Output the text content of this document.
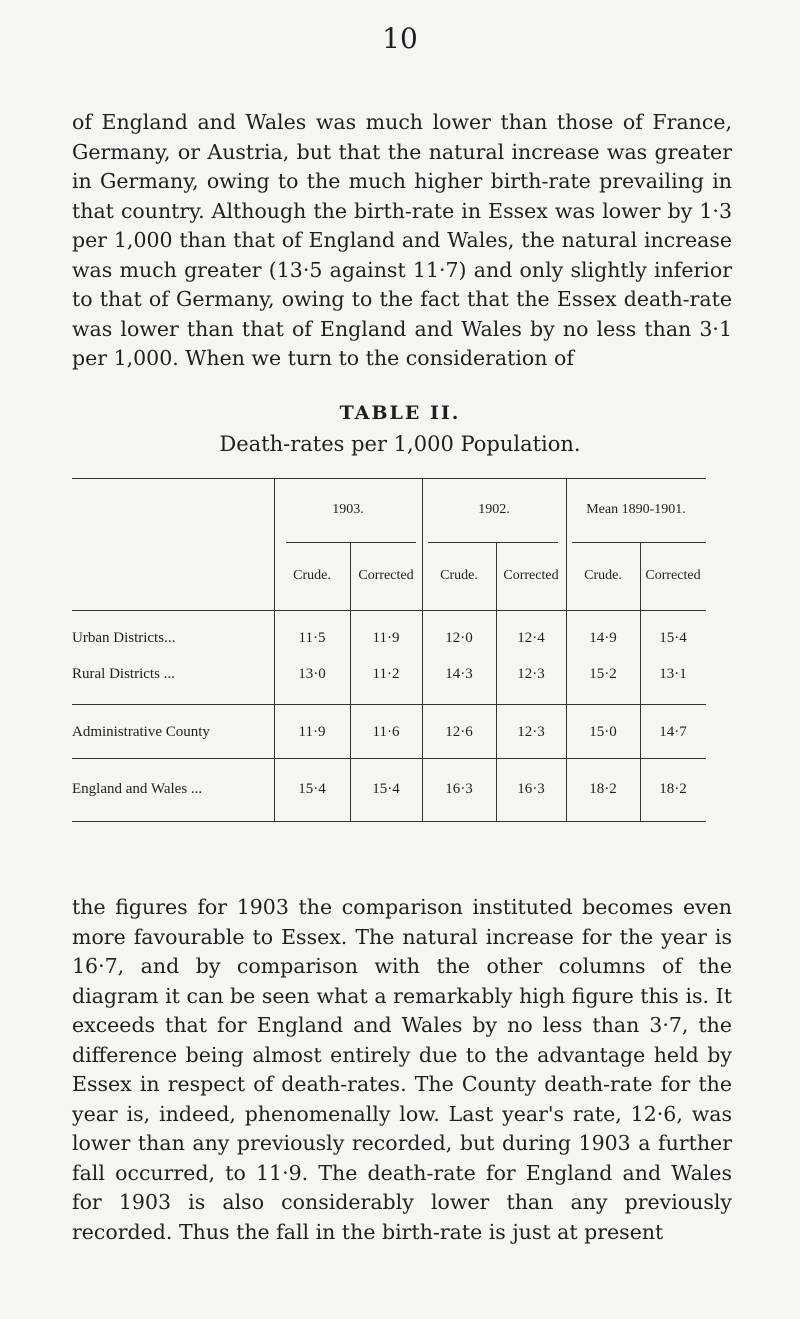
10

of England and Wales was much lower than those of France, Germany, or Austria, but that the natural increase was greater in Germany, owing to the much higher birth-rate prevailing in that country. Although the birth-rate in Essex was lower by 1·3 per 1,000 than that of England and Wales, the natural increase was much greater (13·5 against 11·7) and only slightly inferior to that of Germany, owing to the fact that the Essex death-rate was lower than that of England and Wales by no less than 3·1 per 1,000. When we turn to the consideration of

TABLE II.
Death-rates per 1,000 Population.
1903.	1902.	Mean 1890-1901.
Crude.	Corrected	Crude.	Corrected	Crude.	Corrected
Urban Districts...	11·5	11·9	12·0	12·4	14·9	15·4
Rural Districts ...	13·0	11·2	14·3	12·3	15·2	13·1
Administrative County	11·9	11·6	12·6	12·3	15·0	14·7
England and Wales ...	15·4	15·4	16·3	16·3	18·2	18·2

the figures for 1903 the comparison instituted becomes even more favourable to Essex. The natural increase for the year is 16·7, and by comparison with the other columns of the diagram it can be seen what a remarkably high figure this is. It exceeds that for England and Wales by no less than 3·7, the difference being almost entirely due to the advantage held by Essex in respect of death-rates. The County death-rate for the year is, indeed, phenomenally low. Last year's rate, 12·6, was lower than any previously recorded, but during 1903 a further fall occurred, to 11·9. The death-rate for England and Wales for 1903 is also considerably lower than any previously recorded. Thus the fall in the birth-rate is just at present
